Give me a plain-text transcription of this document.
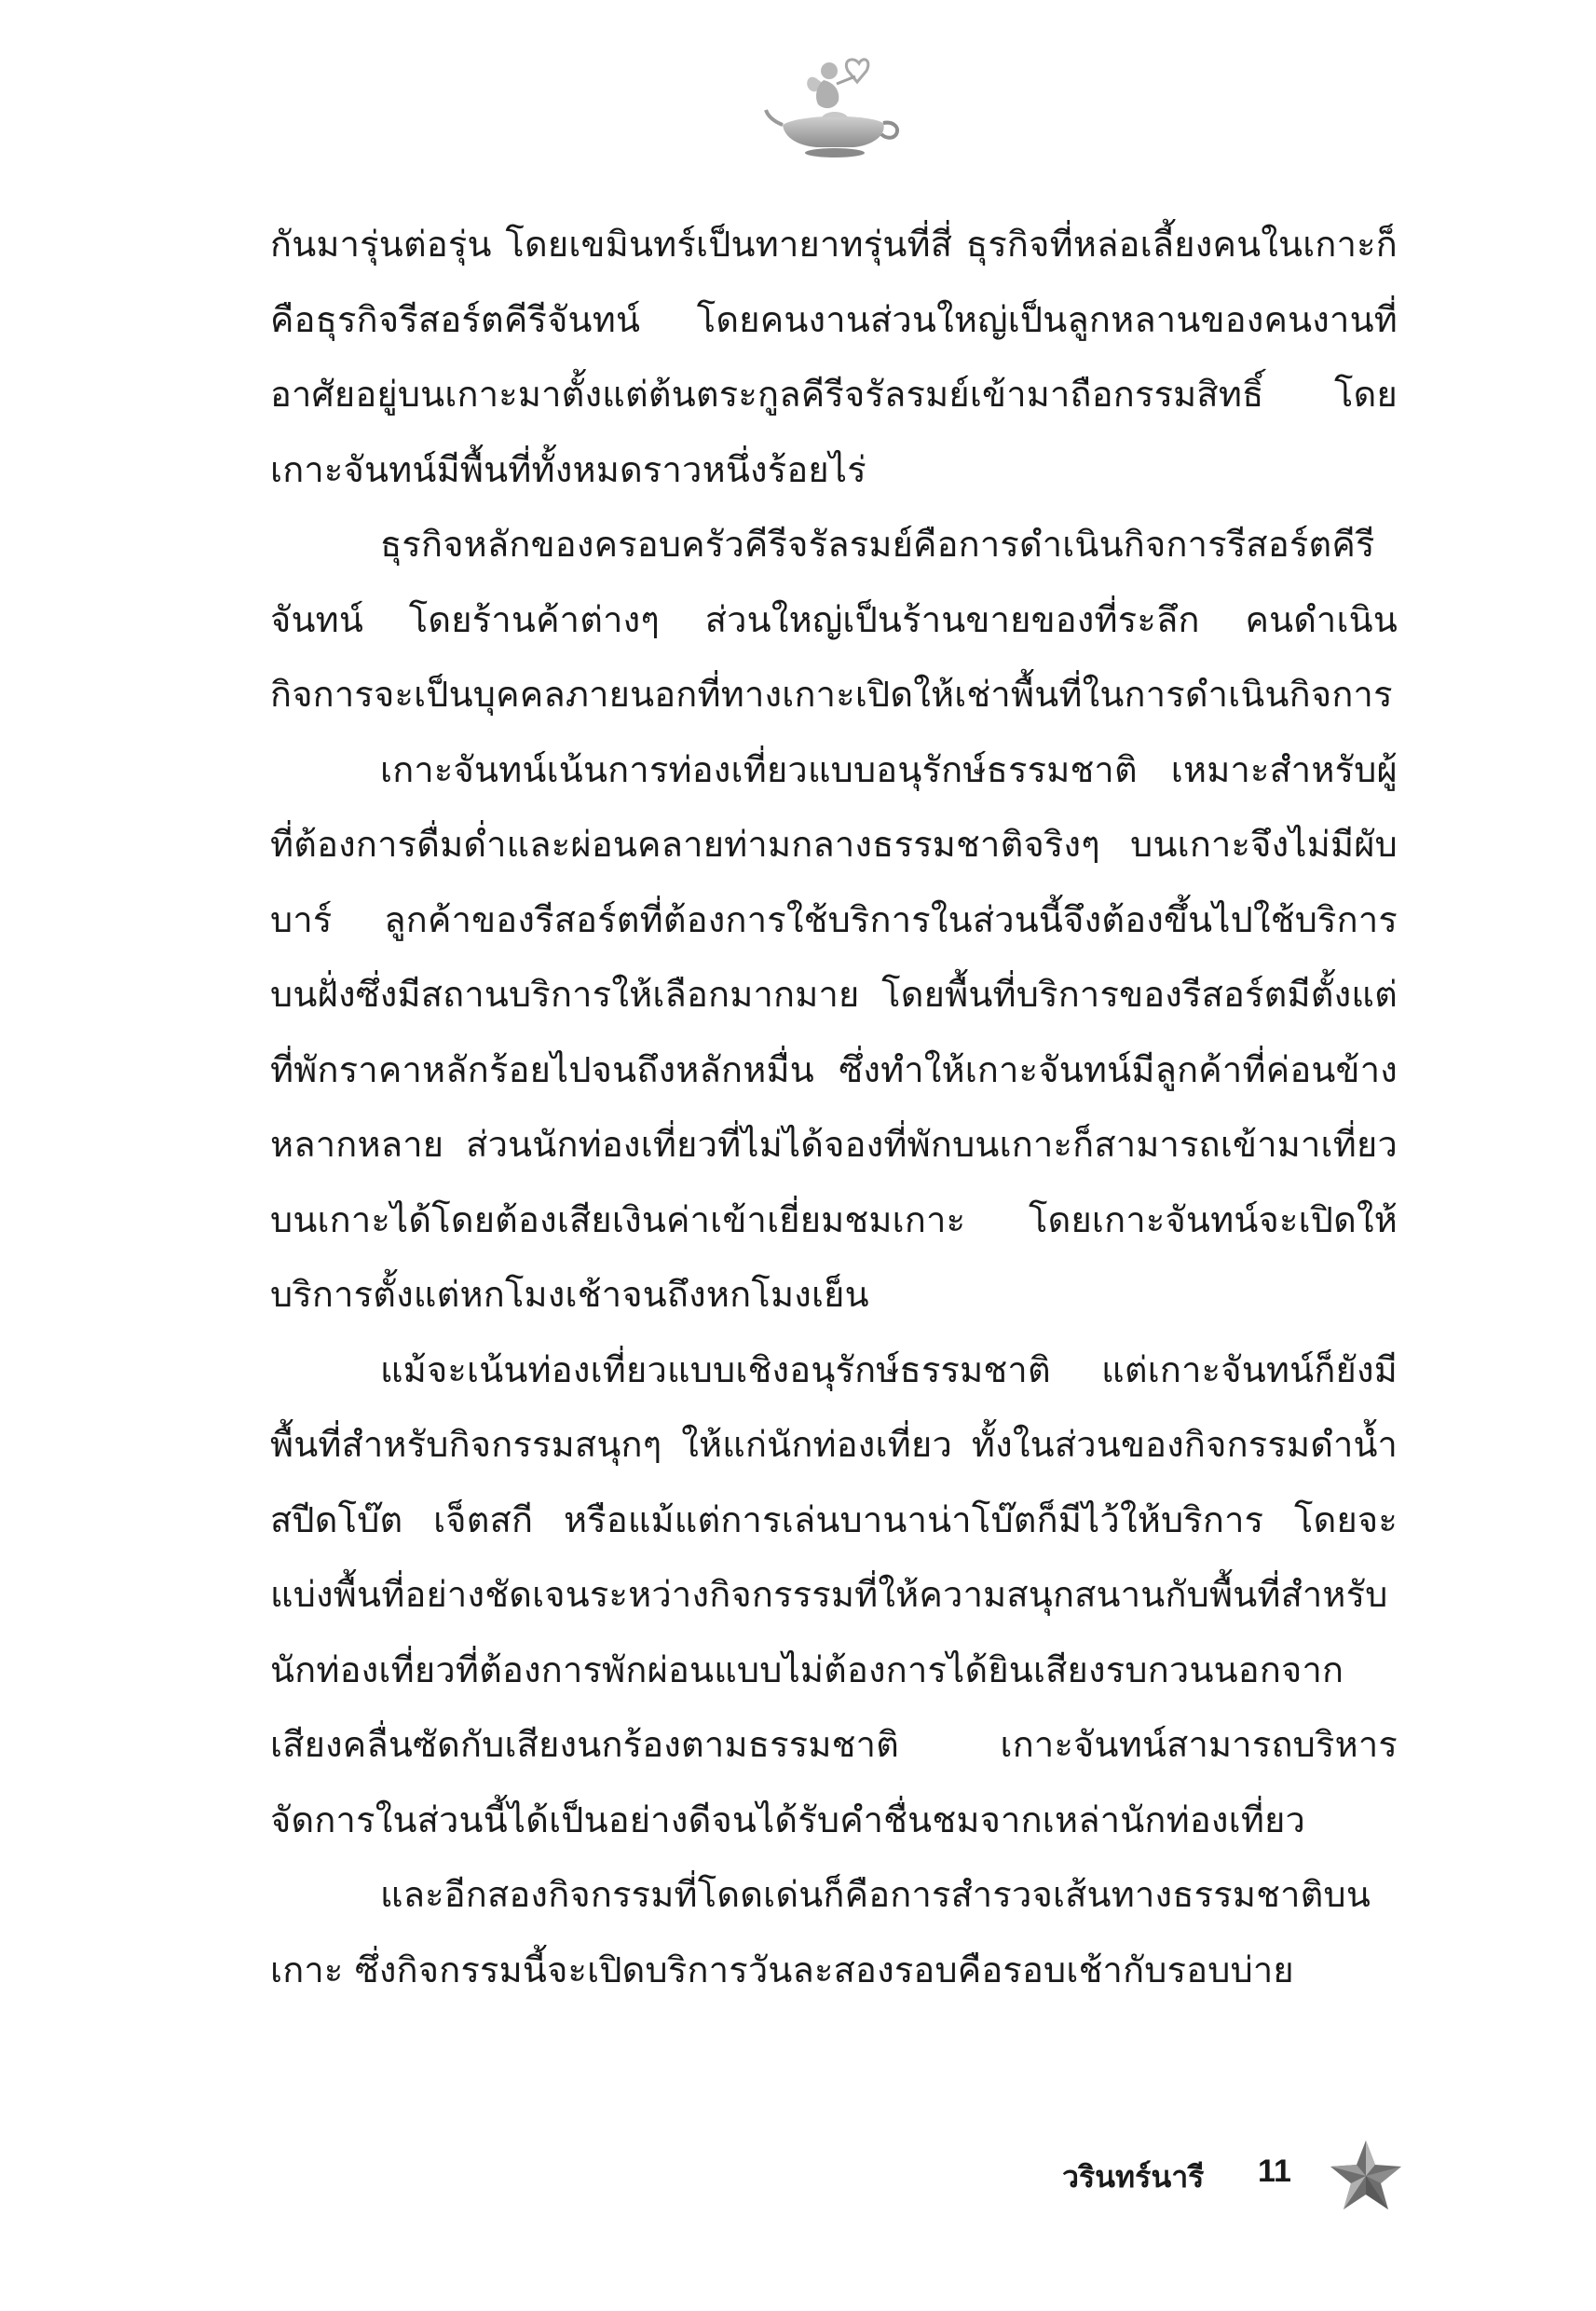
กันมารุ่นต่อรุ่น โดยเขมินทร์เป็นทายาทรุ่นที่สี่ ธุรกิจที่หล่อเลี้ยงคนในเกาะก็คือธุรกิจรีสอร์ตคีรีจันทน์ โดยคนงานส่วนใหญ่เป็นลูกหลานของคนงานที่อาศัยอยู่บนเกาะมาตั้งแต่ต้นตระกูลคีรีจรัลรมย์เข้ามาถือกรรมสิทธิ์ โดยเกาะจันทน์มีพื้นที่ทั้งหมดราวหนึ่งร้อยไร่

ธุรกิจหลักของครอบครัวคีรีจรัลรมย์คือการดำเนินกิจการรีสอร์ตคีรีจันทน์ โดยร้านค้าต่างๆ ส่วนใหญ่เป็นร้านขายของที่ระลึก คนดำเนินกิจการจะเป็นบุคคลภายนอกที่ทางเกาะเปิดให้เช่าพื้นที่ในการดำเนินกิจการ

เกาะจันทน์เน้นการท่องเที่ยวแบบอนุรักษ์ธรรมชาติ เหมาะสำหรับผู้ที่ต้องการดื่มด่ำและผ่อนคลายท่ามกลางธรรมชาติจริงๆ บนเกาะจึงไม่มีผับบาร์ ลูกค้าของรีสอร์ตที่ต้องการใช้บริการในส่วนนี้จึงต้องขึ้นไปใช้บริการบนฝั่งซึ่งมีสถานบริการให้เลือกมากมาย โดยพื้นที่บริการของรีสอร์ตมีตั้งแต่ที่พักราคาหลักร้อยไปจนถึงหลักหมื่น ซึ่งทำให้เกาะจันทน์มีลูกค้าที่ค่อนข้างหลากหลาย ส่วนนักท่องเที่ยวที่ไม่ได้จองที่พักบนเกาะก็สามารถเข้ามาเที่ยวบนเกาะได้โดยต้องเสียเงินค่าเข้าเยี่ยมชมเกาะ โดยเกาะจันทน์จะเปิดให้บริการตั้งแต่หกโมงเช้าจนถึงหกโมงเย็น

แม้จะเน้นท่องเที่ยวแบบเชิงอนุรักษ์ธรรมชาติ แต่เกาะจันทน์ก็ยังมีพื้นที่สำหรับกิจกรรมสนุกๆ ให้แก่นักท่องเที่ยว ทั้งในส่วนของกิจกรรมดำน้ำ สปีดโบ๊ต เจ็ตสกี หรือแม้แต่การเล่นบานาน่าโบ๊ตก็มีไว้ให้บริการ โดยจะแบ่งพื้นที่อย่างชัดเจนระหว่างกิจกรรรมที่ให้ความสนุกสนานกับพื้นที่สำหรับนักท่องเที่ยวที่ต้องการพักผ่อนแบบไม่ต้องการได้ยินเสียงรบกวนนอกจากเสียงคลื่นซัดกับเสียงนกร้องตามธรรมชาติ เกาะจันทน์สามารถบริหารจัดการในส่วนนี้ได้เป็นอย่างดีจนได้รับคำชื่นชมจากเหล่านักท่องเที่ยว

และอีกสองกิจกรรมที่โดดเด่นก็คือการสำรวจเส้นทางธรรมชาติบนเกาะ ซึ่งกิจกรรมนี้จะเปิดบริการวันละสองรอบคือรอบเช้ากับรอบบ่าย

วรินทร์นารี 11
